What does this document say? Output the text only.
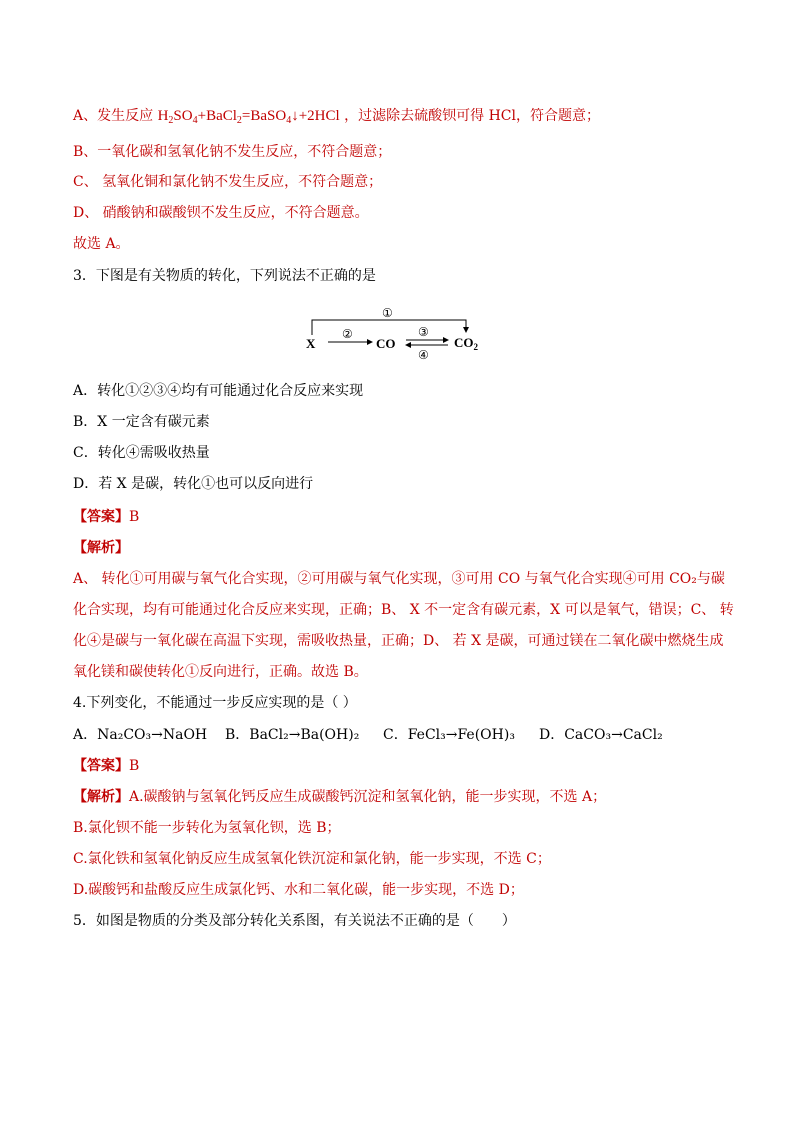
A、发生反应 $H_2SO_4+BaCl_2=BaSO_4↓+2HCl$ ，过滤除去硫酸钡可得 HCl，符合题意；
B、一氧化碳和氢氧化钠不发生反应，不符合题意；
C、 氢氧化铜和氯化钠不发生反应，不符合题意；
D、 硝酸钠和碳酸钡不发生反应，不符合题意。
故选 A。
3．下图是有关物质的转化，下列说法不正确的是
①
②	③
④
X	CO	$CO_2$
A．转化①②③④均有可能通过化合反应来实现
B．X 一定含有碳元素
C．转化④需吸收热量
D．若 X 是碳，转化①也可以反向进行
【答案】B
【解析】
A、 转化①可用碳与氧气化合实现，②可用碳与氧气化实现，③可用 CO 与氧气化合实现④可用 CO₂与碳
化合实现，均有可能通过化合反应来实现，正确；B、 X 不一定含有碳元素，X 可以是氧气，错误；C、 转
化④是碳与一氧化碳在高温下实现，需吸收热量，正确；D、 若 X 是碳，可通过镁在二氧化碳中燃烧生成
氧化镁和碳使转化①反向进行，正确。故选 B。
4.下列变化，不能通过一步反应实现的是（ ）
A．Na₂CO₃→NaOH B．BaCl₂→Ba(OH)₂ C．FeCl₃→Fe(OH)₃ D．CaCO₃→CaCl₂
【答案】B
【解析】A.碳酸钠与氢氧化钙反应生成碳酸钙沉淀和氢氧化钠，能一步实现，不选 A；
B.氯化钡不能一步转化为氢氧化钡，选 B；
C.氯化铁和氢氧化钠反应生成氢氧化铁沉淀和氯化钠，能一步实现，不选 C；
D.碳酸钙和盐酸反应生成氯化钙、水和二氧化碳，能一步实现，不选 D；
5．如图是物质的分类及部分转化关系图，有关说法不正确的是（　　）
